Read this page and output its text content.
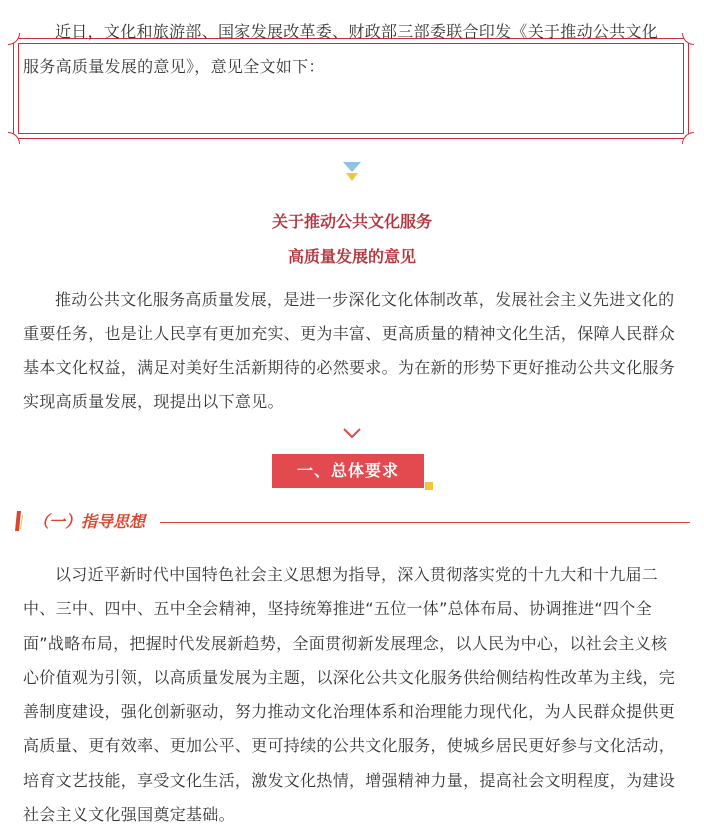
近日，文化和旅游部、国家发展改革委、财政部三部委联合印发《关于推动公共文化服务高质量发展的意见》，意见全文如下：

关于推动公共文化服务
高质量发展的意见

推动公共文化服务高质量发展，是进一步深化文化体制改革，发展社会主义先进文化的重要任务，也是让人民享有更加充实、更为丰富、更高质量的精神文化生活，保障人民群众基本文化权益，满足对美好生活新期待的必然要求。为在新的形势下更好推动公共文化服务实现高质量发展，现提出以下意见。

一、总体要求

（一）指导思想

以习近平新时代中国特色社会主义思想为指导，深入贯彻落实党的十九大和十九届二中、三中、四中、五中全会精神，坚持统筹推进“五位一体”总体布局、协调推进“四个全面”战略布局，把握时代发展新趋势，全面贯彻新发展理念，以人民为中心，以社会主义核心价值观为引领，以高质量发展为主题，以深化公共文化服务供给侧结构性改革为主线，完善制度建设，强化创新驱动，努力推动文化治理体系和治理能力现代化，为人民群众提供更高质量、更有效率、更加公平、更可持续的公共文化服务，使城乡居民更好参与文化活动，培育文艺技能，享受文化生活，激发文化热情，增强精神力量，提高社会文明程度，为建设社会主义文化强国奠定基础。
